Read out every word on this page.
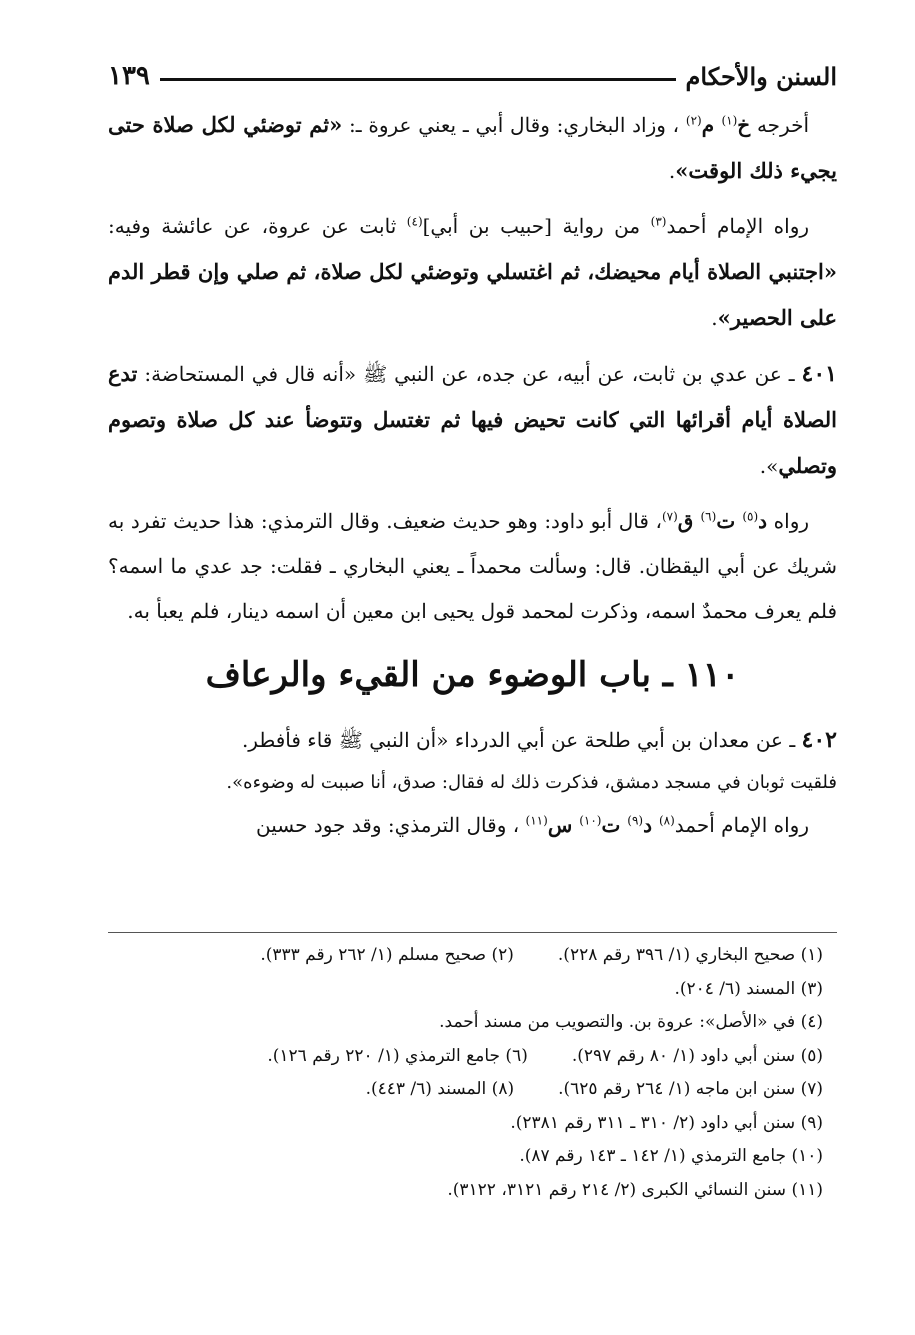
السنن والأحكام
١٣٩

أخرجه خ$^{(١)}$ م$^{(٢)}$ ، وزاد البخاري: وقال أبي ـ يعني عروة ـ: «ثم توضئي لكل صلاة حتى يجيء ذلك الوقت».

رواه الإمام أحمد$^{(٣)}$ من رواية [حبيب بن أبي]$^{(٤)}$ ثابت عن عروة، عن عائشة وفيه: «اجتنبي الصلاة أيام محيضك، ثم اغتسلي وتوضئي لكل صلاة، ثم صلي وإن قطر الدم على الحصير».

٤٠١ ـ عن عدي بن ثابت، عن أبيه، عن جده، عن النبي ﷺ «أنه قال في المستحاضة: تدع الصلاة أيام أقرائها التي كانت تحيض فيها ثم تغتسل وتتوضأ عند كل صلاة وتصوم وتصلي».

رواه د$^{(٥)}$ ت$^{(٦)}$ ق$^{(٧)}$، قال أبو داود: وهو حديث ضعيف. وقال الترمذي: هذا حديث تفرد به شريك عن أبي اليقظان. قال: وسألت محمداً ـ يعني البخاري ـ فقلت: جد عدي ما اسمه؟ فلم يعرف محمدٌ اسمه، وذكرت لمحمد قول يحيى ابن معين أن اسمه دينار، فلم يعبأ به.

١١٠ ـ باب الوضوء من القيء والرعاف

٤٠٢ ـ عن معدان بن أبي طلحة عن أبي الدرداء «أن النبي ﷺ قاء فأفطر.

فلقيت ثوبان في مسجد دمشق، فذكرت ذلك له فقال: صدق، أنا صببت له وضوءه».

رواه الإمام أحمد$^{(٨)}$ د$^{(٩)}$ ت$^{(١٠)}$ س$^{(١١)}$ ، وقال الترمذي: وقد جود حسين

(١) صحيح البخاري (١/ ٣٩٦ رقم ٢٢٨).(٢) صحيح مسلم (١/ ٢٦٢ رقم ٣٣٣).
(٣) المسند (٦/ ٢٠٤).
(٤) في «الأصل»: عروة بن. والتصويب من مسند أحمد.
(٥) سنن أبي داود (١/ ٨٠ رقم ٢٩٧).(٦) جامع الترمذي (١/ ٢٢٠ رقم ١٢٦).
(٧) سنن ابن ماجه (١/ ٢٦٤ رقم ٦٢٥).(٨) المسند (٦/ ٤٤٣).
(٩) سنن أبي داود (٢/ ٣١٠ ـ ٣١١ رقم ٢٣٨١).
(١٠) جامع الترمذي (١/ ١٤٢ ـ ١٤٣ رقم ٨٧).
(١١) سنن النسائي الكبرى (٢/ ٢١٤ رقم ٣١٢١، ٣١٢٢).
